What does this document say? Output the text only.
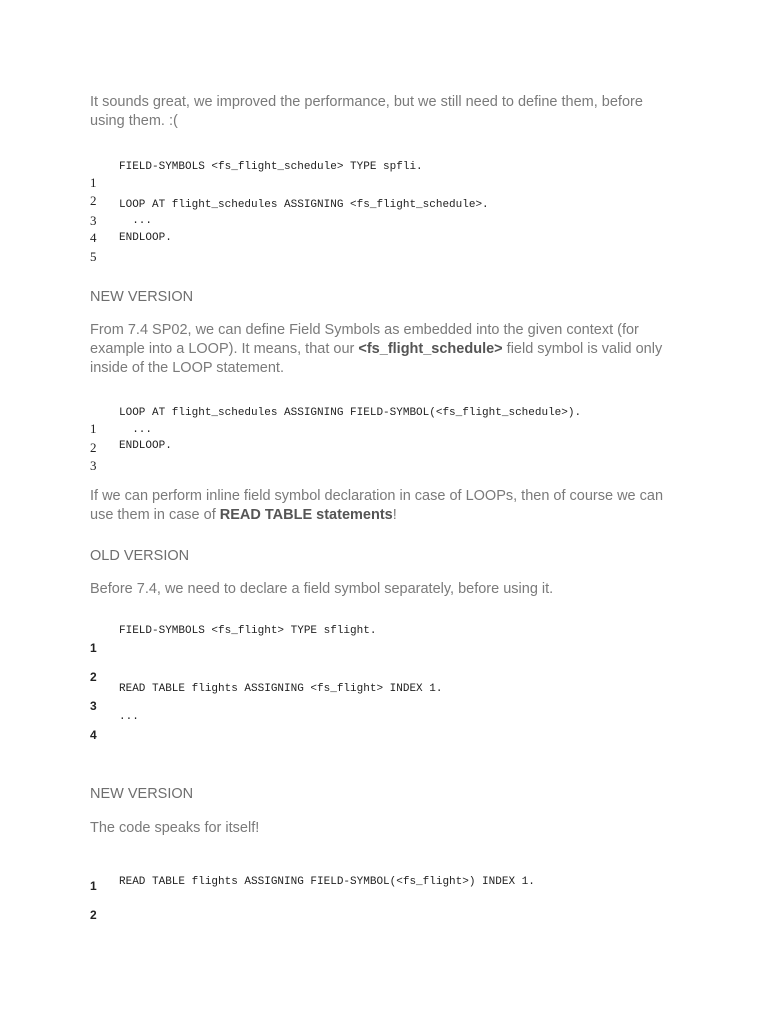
It sounds great, we improved the performance, but we still need to define them, before using them. :(

1

FIELD-SYMBOLS <fs_flight_schedule> TYPE spfli.

2

3

LOOP AT flight_schedules ASSIGNING <fs_flight_schedule>.

4

...

5

ENDLOOP.

NEW VERSION

From 7.4 SP02, we can define Field Symbols as embedded into the given context (for example into a LOOP). It means, that our <fs_flight_schedule> field symbol is valid only inside of the LOOP statement.

1

LOOP AT flight_schedules ASSIGNING FIELD-SYMBOL(<fs_flight_schedule>).

2

...

3

ENDLOOP.

If we can perform inline field symbol declaration in case of LOOPs, then of course we can use them in case of READ TABLE statements!

OLD VERSION

Before 7.4, we need to declare a field symbol separately, before using it.

1

FIELD-SYMBOLS <fs_flight> TYPE sflight.

2

3

READ TABLE flights ASSIGNING <fs_flight> INDEX 1.

4

...

NEW VERSION

The code speaks for itself!

1

	READ TABLE flights ASSIGNING FIELD-SYMBOL(<fs_flight>) INDEX 1.

2
